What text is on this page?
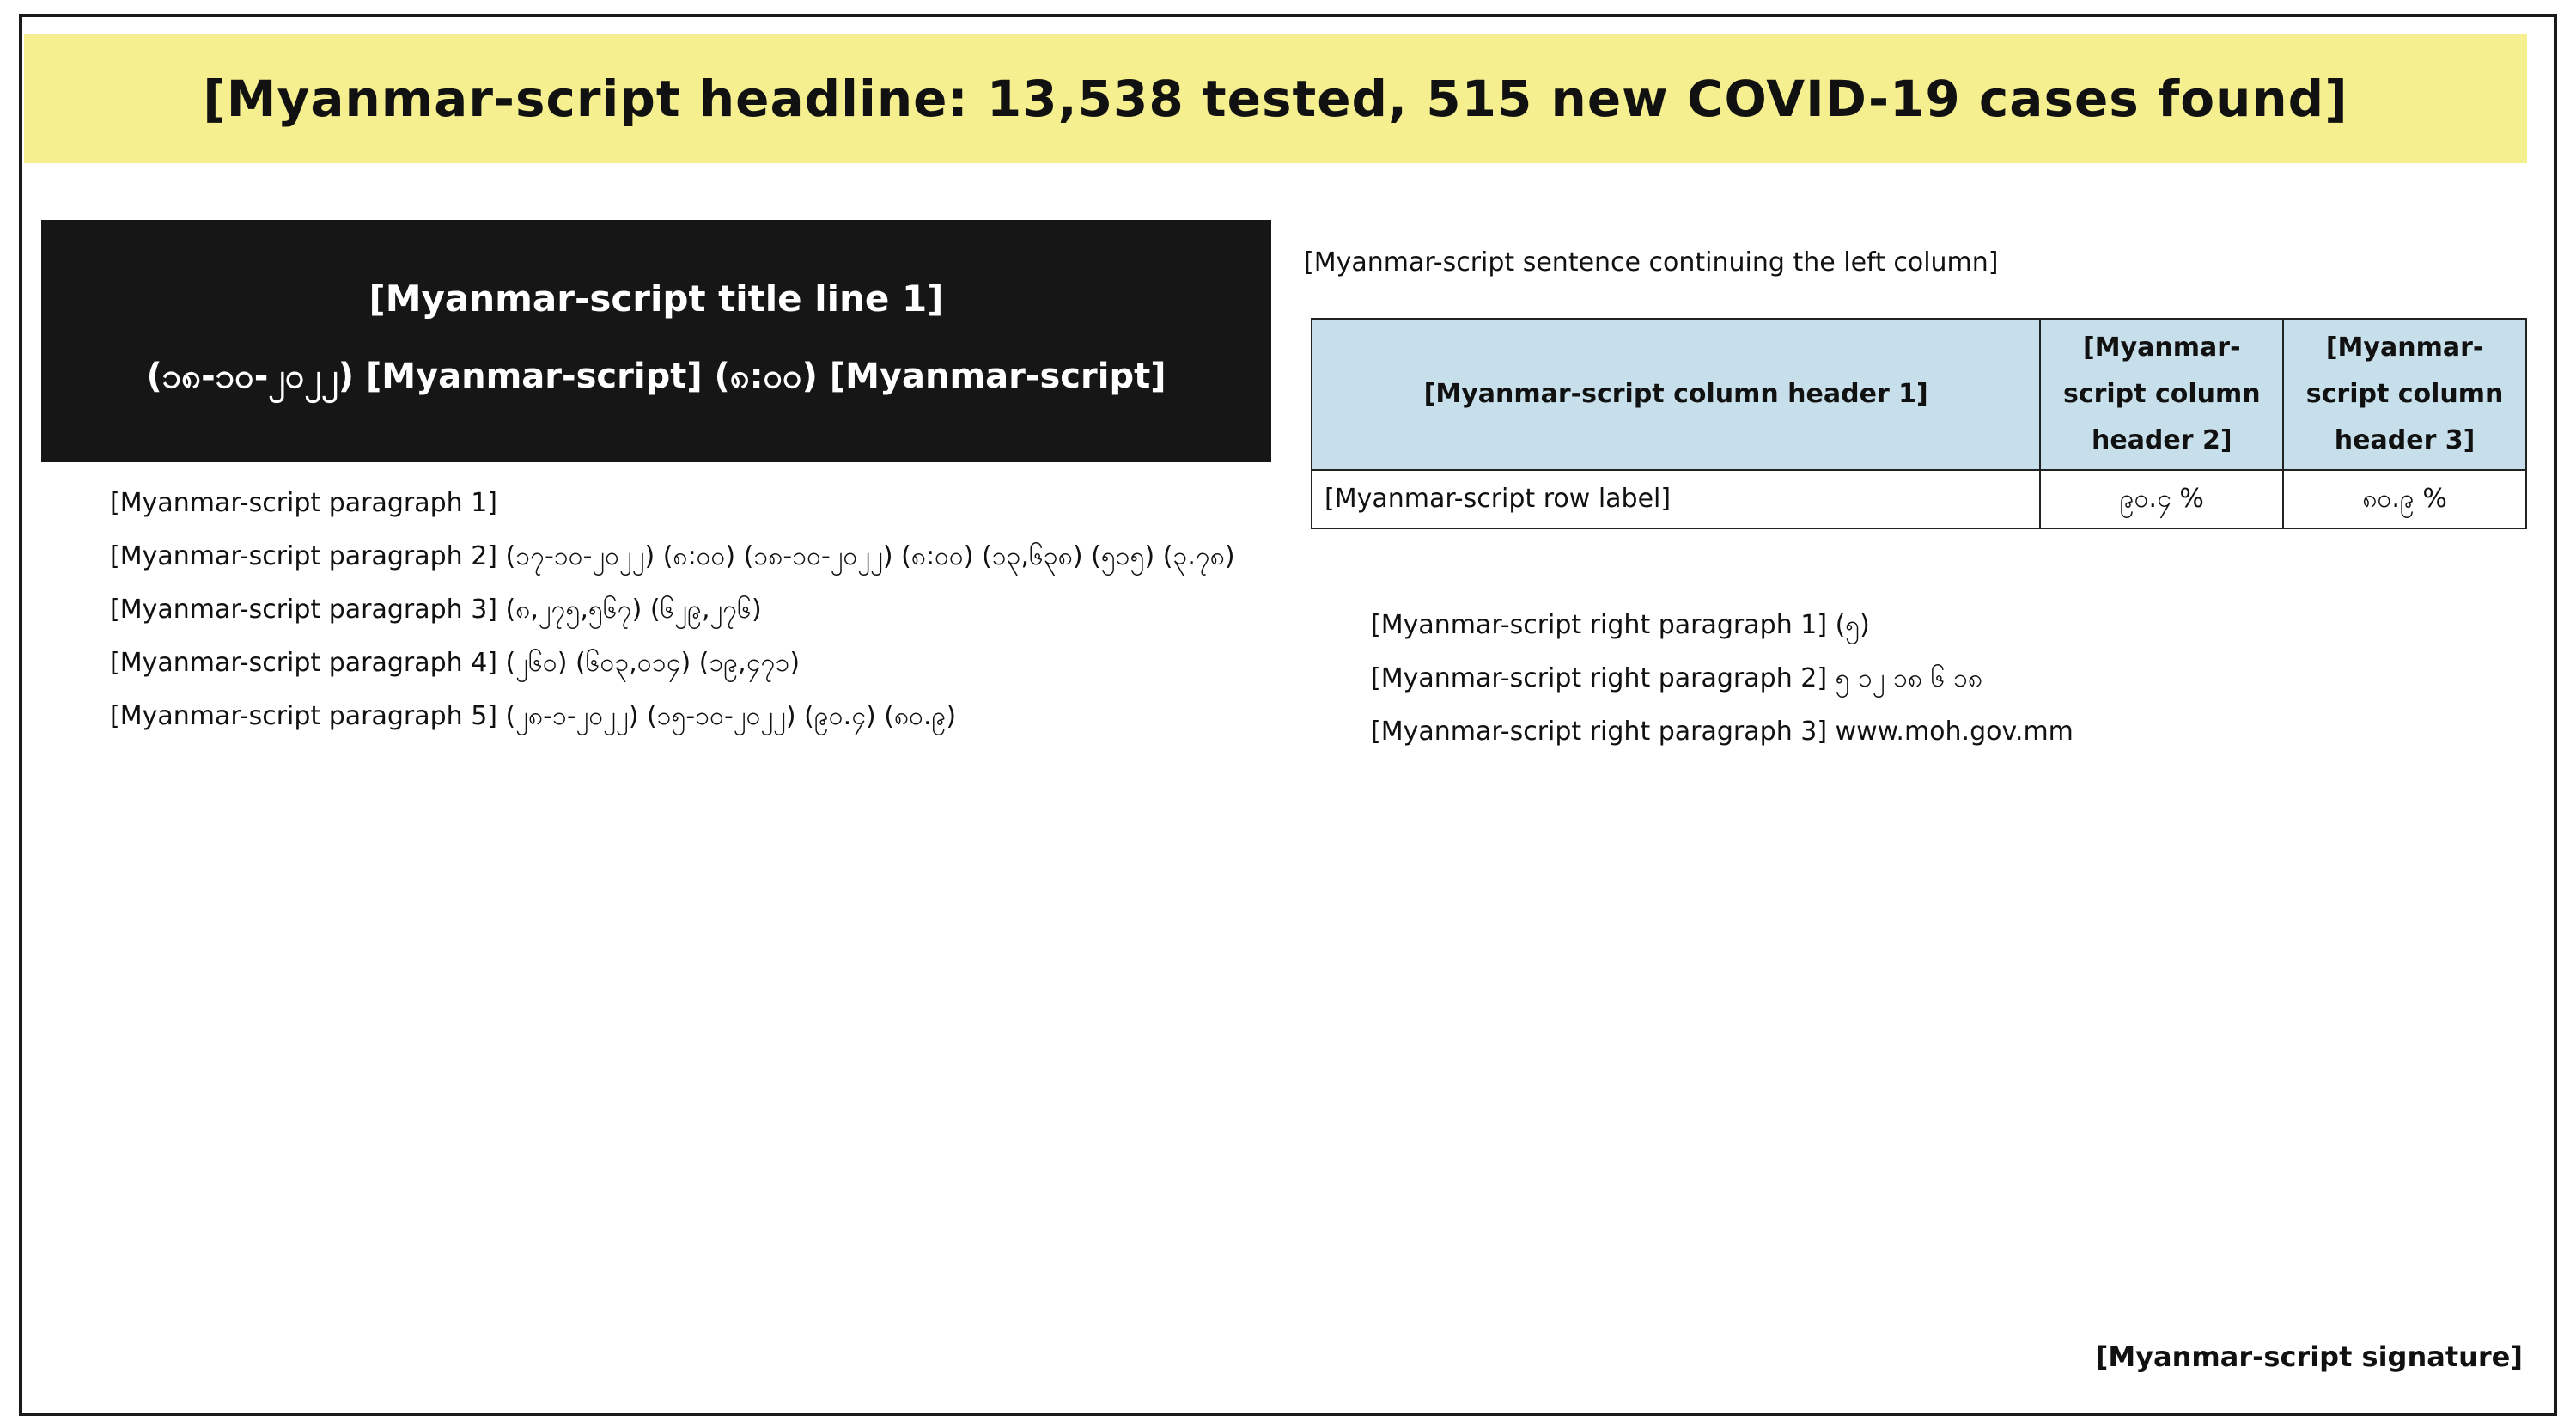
[Myanmar-script headline: 13,538 tested, 515 new COVID-19 cases found]
[Myanmar-script title line 1]
(၁၈-၁၀-၂၀၂၂) [Myanmar-script] (၈:၀၀) [Myanmar-script]

[Myanmar-script paragraph 1]

[Myanmar-script paragraph 2] (၁၇-၁၀-၂၀၂၂) (၈:၀၀) (၁၈-၁၀-၂၀၂၂) (၈:၀၀) (၁၃,၆၃၈) (၅၁၅) (၃.၇၈)

[Myanmar-script paragraph 3] (၈,၂၇၅,၅၆၇) (၆၂၉,၂၇၆)

[Myanmar-script paragraph 4] (၂၆၀) (၆၀၃,၀၁၄) (၁၉,၄၇၁)

[Myanmar-script paragraph 5] (၂၈-၁-၂၀၂၂) (၁၅-၁၀-၂၀၂၂) (၉၀.၄) (၈၀.၉)

[Myanmar-script sentence continuing the left column]

[Myanmar-script column header 1]	[Myanmar-script column header 2]	[Myanmar-script column header 3]
[Myanmar-script row label]	၉၀.၄ %	၈၀.၉ %

[Myanmar-script right paragraph 1] (၅)

[Myanmar-script right paragraph 2] ၅ ၁၂ ၁၈ ၆ ၁၈

[Myanmar-script right paragraph 3] www.moh.gov.mm

[Myanmar-script signature]
